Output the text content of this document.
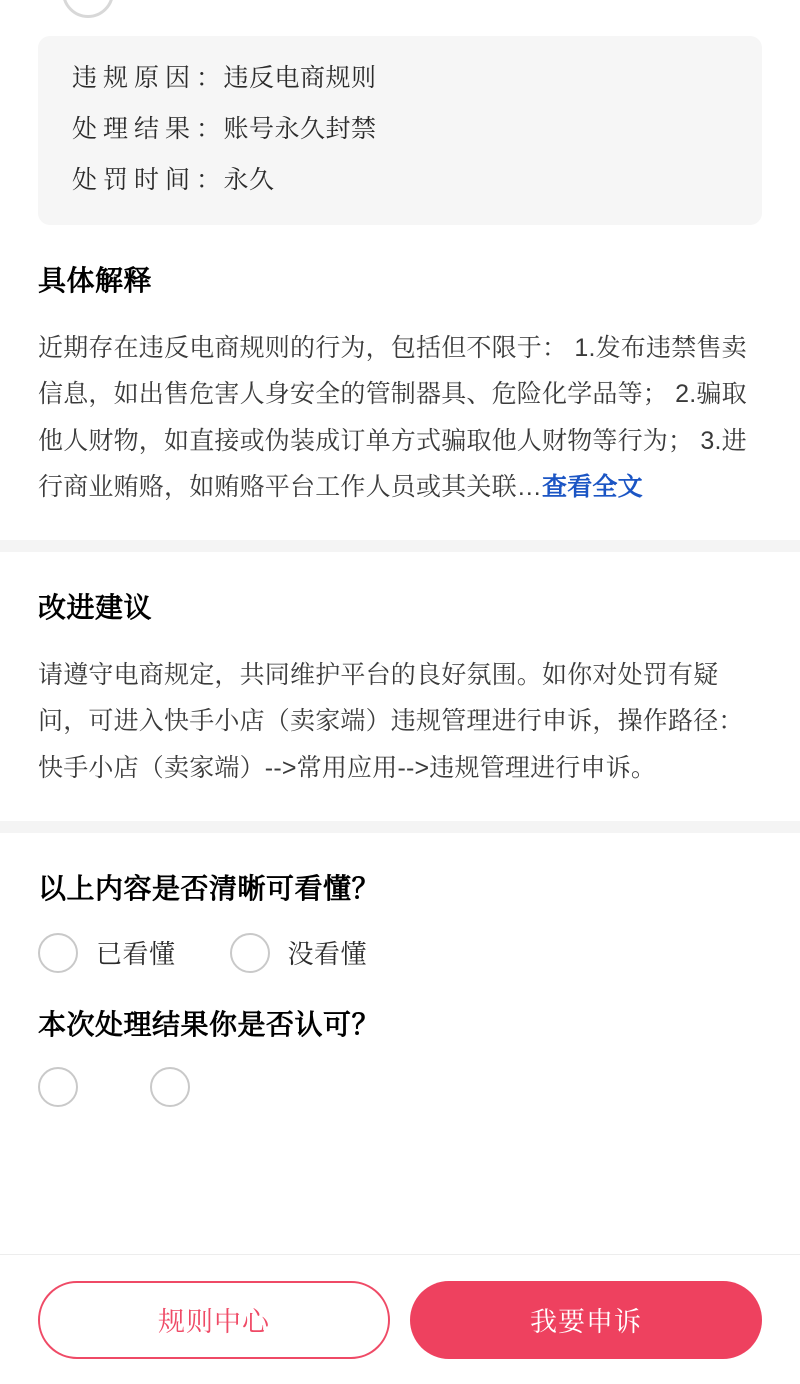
违规原因 ： 违反电商规则
处理结果 ： 账号永久封禁
处罚时间 ： 永久
具体解释
近期存在违反电商规则的行为，包括但不限于： 1.发布违禁售卖信息，如出售危害人身安全的管制器具、危险化学品等； 2.骗取他人财物，如直接或伪装成订单方式骗取他人财物等行为； 3.进行商业贿赂，如贿赂平台工作人员或其关联…查看全文
改进建议
请遵守电商规定，共同维护平台的良好氛围。如你对处罚有疑问，可进入快手小店（卖家端）违规管理进行申诉，操作路径：快手小店（卖家端）-->常用应用-->违规管理进行申诉。
以上内容是否清晰可看懂？
已看懂	没看懂
本次处理结果你是否认可？
规则中心	我要申诉
